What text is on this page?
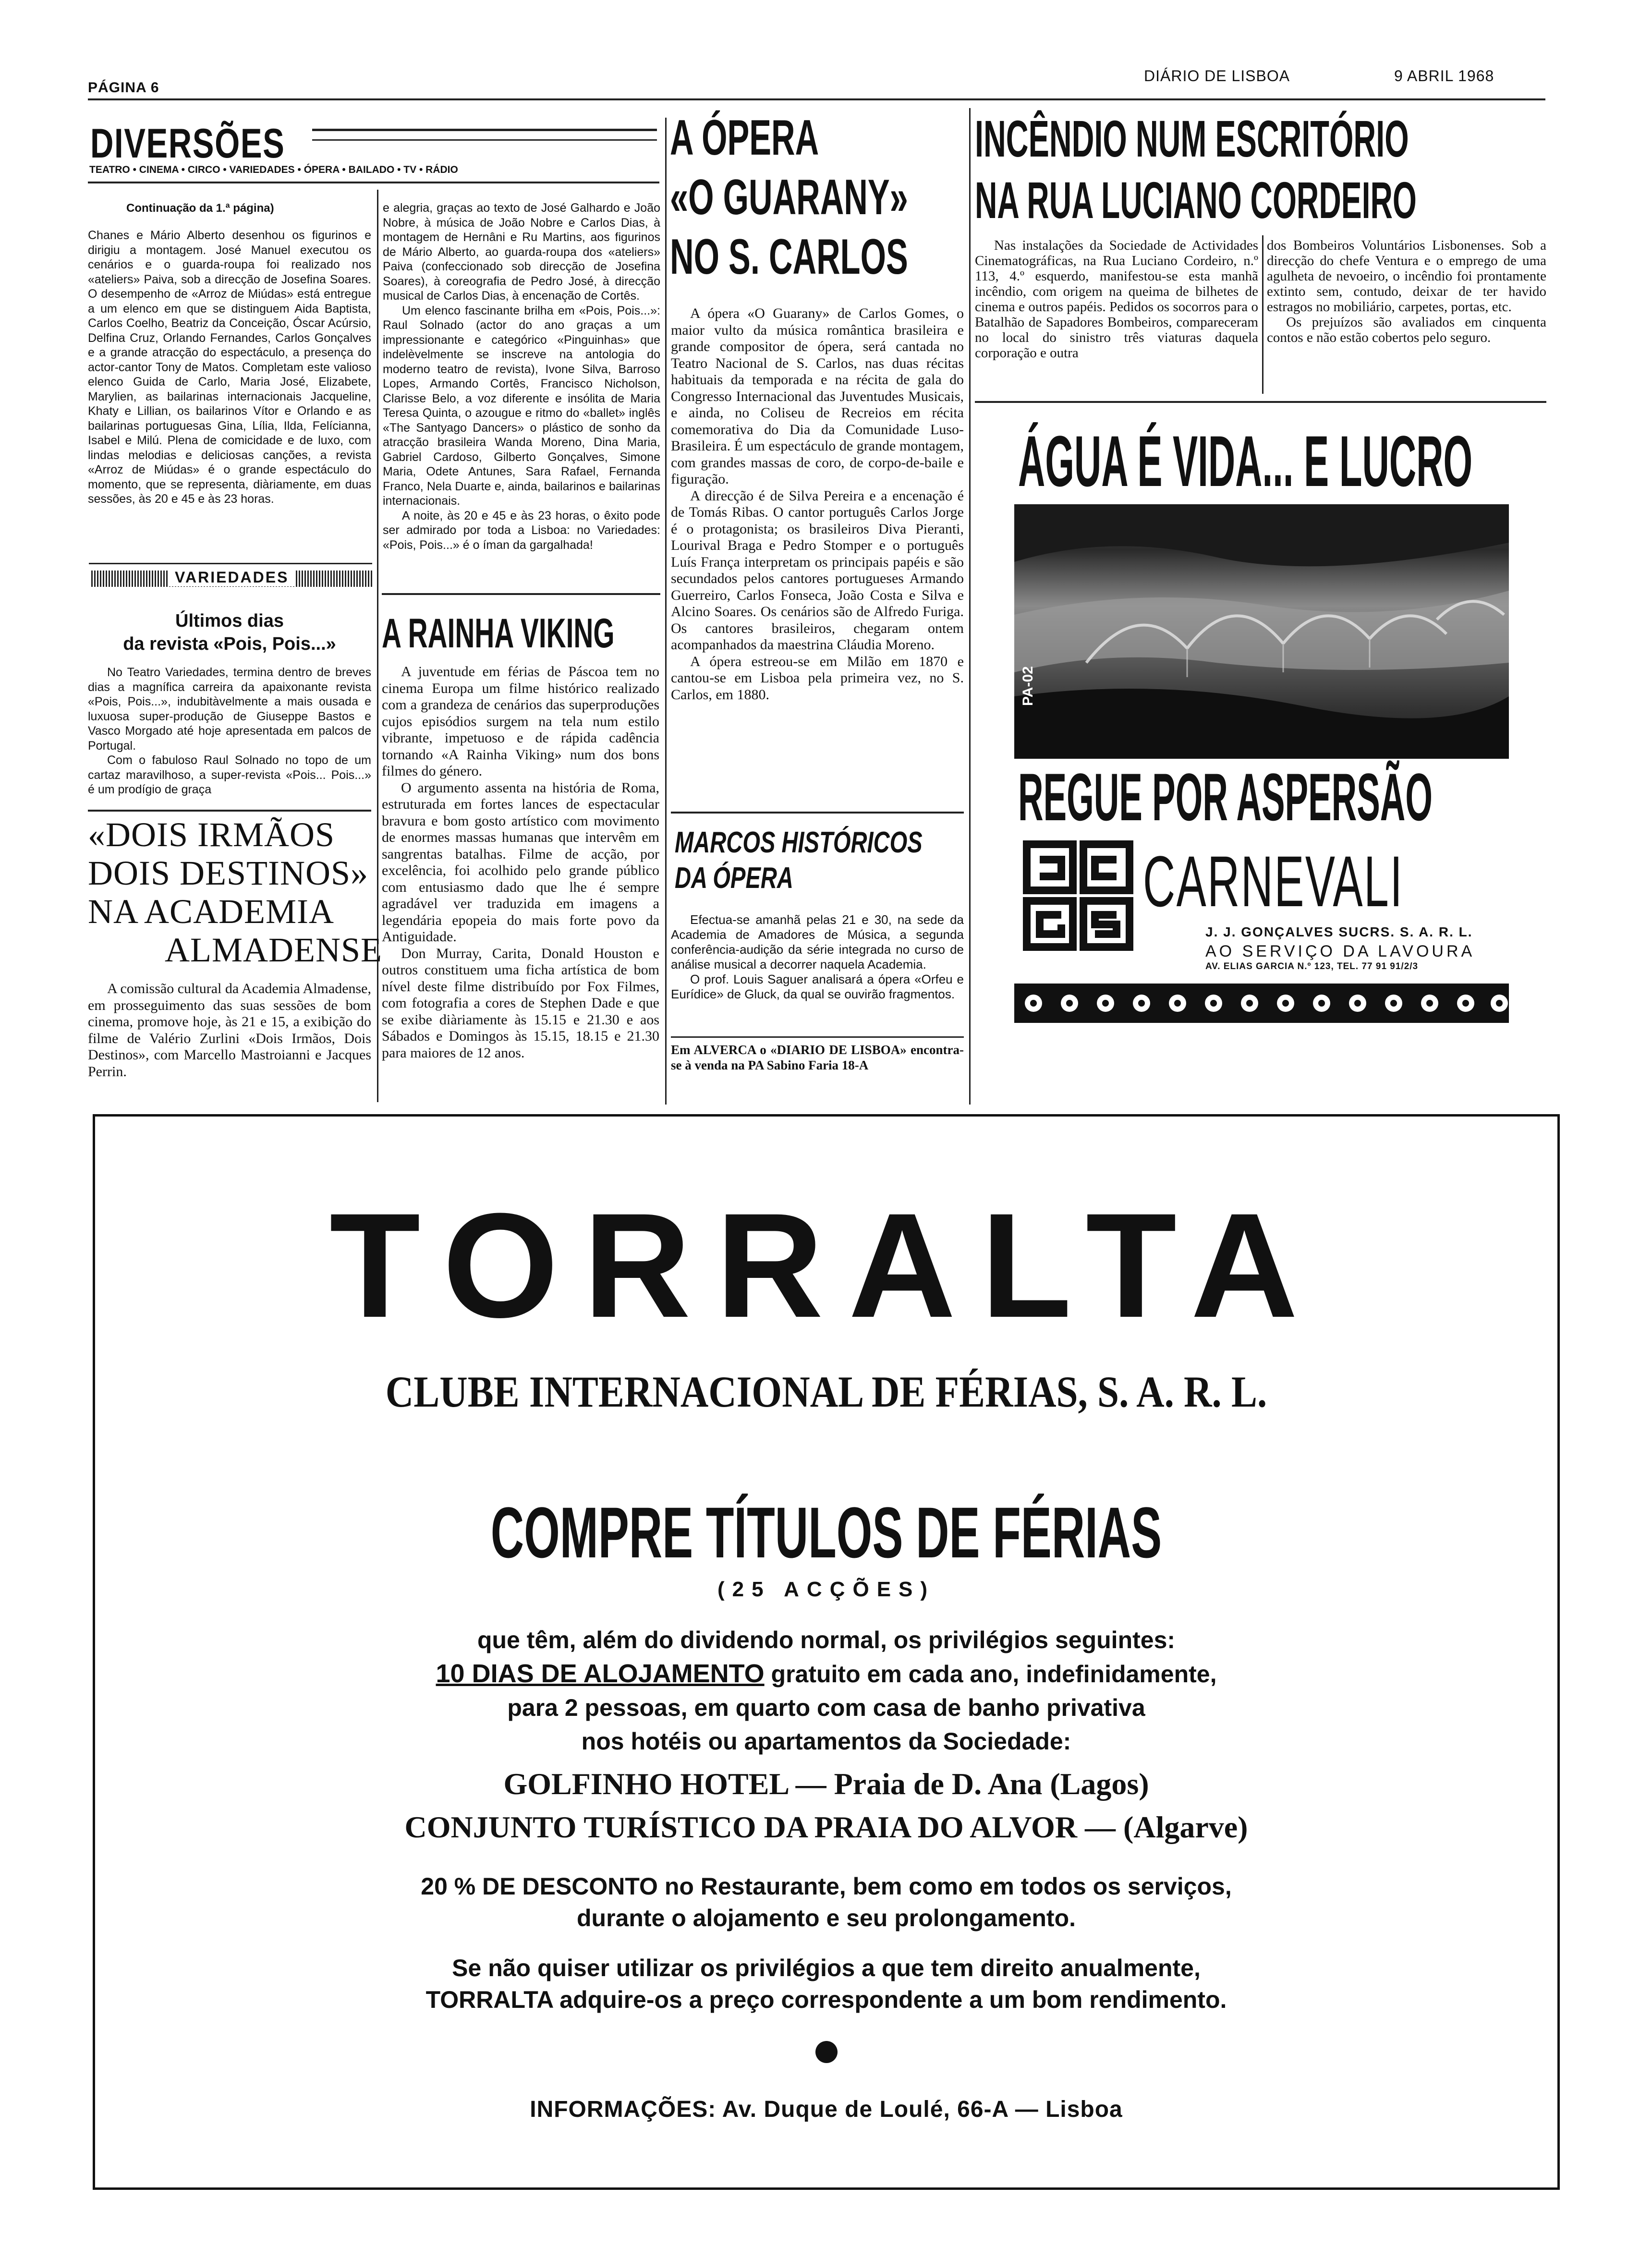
PÁGINA 6
DIÁRIO DE LISBOA	9 ABRIL 1968
DIVERSÕES
TEATRO • CINEMA • CIRCO • VARIEDADES • ÓPERA • BAILADO • TV • RÁDIO
Continuação da 1.ª página)

Chanes e Mário Alberto desenhou os figurinos e dirigiu a montagem. José Manuel executou os cenários e o guarda-roupa foi realizado nos «ateliers» Paiva, sob a direcção de Josefina Soares. O desempenho de «Arroz de Miúdas» está entregue a um elenco em que se distinguem Aida Baptista, Carlos Coelho, Beatriz da Conceição, Óscar Acúrsio, Delfina Cruz, Orlando Fernandes, Carlos Gonçalves e a grande atracção do espectáculo, a presença do actor-cantor Tony de Matos. Completam este valioso elenco Guida de Carlo, Maria José, Elizabete, Marylien, as bailarinas internacionais Jacqueline, Khaty e Lillian, os bailarinos Vítor e Orlando e as bailarinas portuguesas Gina, Lília, Ilda, Felícianna, Isabel e Milú. Plena de comicidade e de luxo, com lindas melodias e deliciosas canções, a revista «Arroz de Miúdas» é o grande espectáculo do momento, que se representa, diàriamente, em duas sessões, às 20 e 45 e às 23 horas.

e alegria, graças ao texto de José Galhardo e João Nobre, à música de João Nobre e Carlos Dias, à montagem de Hernâni e Ru Martins, aos figurinos de Mário Alberto, ao guarda-roupa dos «ateliers» Paiva (confeccionado sob direcção de Josefina Soares), à coreografia de Pedro José, à direcção musical de Carlos Dias, à encenação de Cortês.

Um elenco fascinante brilha em «Pois, Pois...»: Raul Solnado (actor do ano graças a um impressionante e categórico «Pinguinhas» que indelèvelmente se inscreve na antologia do moderno teatro de revista), Ivone Silva, Barroso Lopes, Armando Cortês, Francisco Nicholson, Clarisse Belo, a voz diferente e insólita de Maria Teresa Quinta, o azougue e ritmo do «ballet» inglês «The Santyago Dancers» o plástico de sonho da atracção brasileira Wanda Moreno, Dina Maria, Gabriel Cardoso, Gilberto Gonçalves, Simone Maria, Odete Antunes, Sara Rafael, Fernanda Franco, Nela Duarte e, ainda, bailarinos e bailarinas internacionais.

A noite, às 20 e 45 e às 23 horas, o êxito pode ser admirado por toda a Lisboa: no Variedades: «Pois, Pois...» é o íman da gargalhada!

VARIEDADES
Últimos dias
da revista «Pois, Pois...»

No Teatro Variedades, termina dentro de breves dias a magnífica carreira da apaixonante revista «Pois, Pois...», indubitàvelmente a mais ousada e luxuosa super-produção de Giuseppe Bastos e Vasco Morgado até hoje apresentada em palcos de Portugal.

Com o fabuloso Raul Solnado no topo de um cartaz maravilhoso, a super-revista «Pois... Pois...» é um prodígio de graça

«DOIS IRMÃOS
DOIS DESTINOS»
NA ACADEMIA
ALMADENSE

A comissão cultural da Academia Almadense, em prosseguimento das suas sessões de bom cinema, promove hoje, às 21 e 15, a exibição do filme de Valério Zurlini «Dois Irmãos, Dois Destinos», com Marcello Mastroianni e Jacques Perrin.

A RAINHA VIKING

A juventude em férias de Páscoa tem no cinema Europa um filme histórico realizado com a grandeza de cenários das superproduções cujos episódios surgem na tela num estilo vibrante, impetuoso e de rápida cadência tornando «A Rainha Viking» num dos bons filmes do género.

O argumento assenta na história de Roma, estruturada em fortes lances de espectacular bravura e bom gosto artístico com movimento de enormes massas humanas que intervêm em sangrentas batalhas. Filme de acção, por excelência, foi acolhido pelo grande público com entusiasmo dado que lhe é sempre agradável ver traduzida em imagens a legendária epopeia do mais forte povo da Antiguidade.

Don Murray, Carita, Donald Houston e outros constituem uma ficha artística de bom nível deste filme distribuído por Fox Filmes, com fotografia a cores de Stephen Dade e que se exibe diàriamente às 15.15 e 21.30 e aos Sábados e Domingos às 15.15, 18.15 e 21.30 para maiores de 12 anos.

A ÓPERA
«O GUARANY»
NO S. CARLOS

A ópera «O Guarany» de Carlos Gomes, o maior vulto da música romântica brasileira e grande compositor de ópera, será cantada no Teatro Nacional de S. Carlos, nas duas récitas habituais da temporada e na récita de gala do Congresso Internacional das Juventudes Musicais, e ainda, no Coliseu de Recreios em récita comemorativa do Dia da Comunidade Luso-Brasileira. É um espectáculo de grande montagem, com grandes massas de coro, de corpo-de-baile e figuração.

A direcção é de Silva Pereira e a encenação é de Tomás Ribas. O cantor português Carlos Jorge é o protagonista; os brasileiros Diva Pieranti, Lourival Braga e Pedro Stomper e o português Luís França interpretam os principais papéis e são secundados pelos cantores portugueses Armando Guerreiro, Carlos Fonseca, João Costa e Silva e Alcino Soares. Os cenários são de Alfredo Furiga. Os cantores brasileiros, chegaram ontem acompanhados da maestrina Cláudia Moreno.

A ópera estreou-se em Milão em 1870 e cantou-se em Lisboa pela primeira vez, no S. Carlos, em 1880.

MARCOS HISTÓRICOS
DA ÓPERA

Efectua-se amanhã pelas 21 e 30, na sede da Academia de Amadores de Música, a segunda conferência-audição da série integrada no curso de análise musical a decorrer naquela Academia.

O prof. Louis Saguer analisará a ópera «Orfeu e Eurídice» de Gluck, da qual se ouvirão fragmentos.

Em ALVERCA o «DIARIO DE LISBOA» encontra-se à venda na PA Sabino Faria 18-A

INCÊNDIO NUM ESCRITÓRIO
NA RUA LUCIANO CORDEIRO

Nas instalações da Sociedade de Actividades Cinematográficas, na Rua Luciano Cordeiro, n.º 113, 4.º esquerdo, manifestou-se esta manhã incêndio, com origem na queima de bilhetes de cinema e outros papéis. Pedidos os socorros para o Batalhão de Sapadores Bombeiros, compareceram no local do sinistro três viaturas daquela corporação e outra

dos Bombeiros Voluntários Lisbonenses. Sob a direcção do chefe Ventura e o emprego de uma agulheta de nevoeiro, o incêndio foi prontamente extinto sem, contudo, deixar de ter havido estragos no mobiliário, carpetes, portas, etc.

Os prejuízos são avaliados em cinquenta contos e não estão cobertos pelo seguro.

ÁGUA É VIDA... E LUCRO
PA-02
REGUE POR ASPERSÃO
CARNEVALI
J. J. GONÇALVES SUCRS. S. A. R. L.
AO SERVIÇO DA LAVOURA
AV. ELIAS GARCIA N.º 123, TEL. 77 91 91/2/3
TORRALTA
CLUBE INTERNACIONAL DE FÉRIAS, S. A. R. L.
COMPRE TÍTULOS DE FÉRIAS
(25 ACÇÕES)
que têm, além do dividendo normal, os privilégios seguintes:
10 DIAS DE ALOJAMENTO gratuito em cada ano, indefinidamente,
para 2 pessoas, em quarto com casa de banho privativa
nos hotéis ou apartamentos da Sociedade:
GOLFINHO HOTEL — Praia de D. Ana (Lagos)
CONJUNTO TURÍSTICO DA PRAIA DO ALVOR — (Algarve)
20 % DE DESCONTO no Restaurante, bem como em todos os serviços,
durante o alojamento e seu prolongamento.
Se não quiser utilizar os privilégios a que tem direito anualmente,
TORRALTA adquire-os a preço correspondente a um bom rendimento.
INFORMAÇÕES: Av. Duque de Loulé, 66-A — Lisboa
